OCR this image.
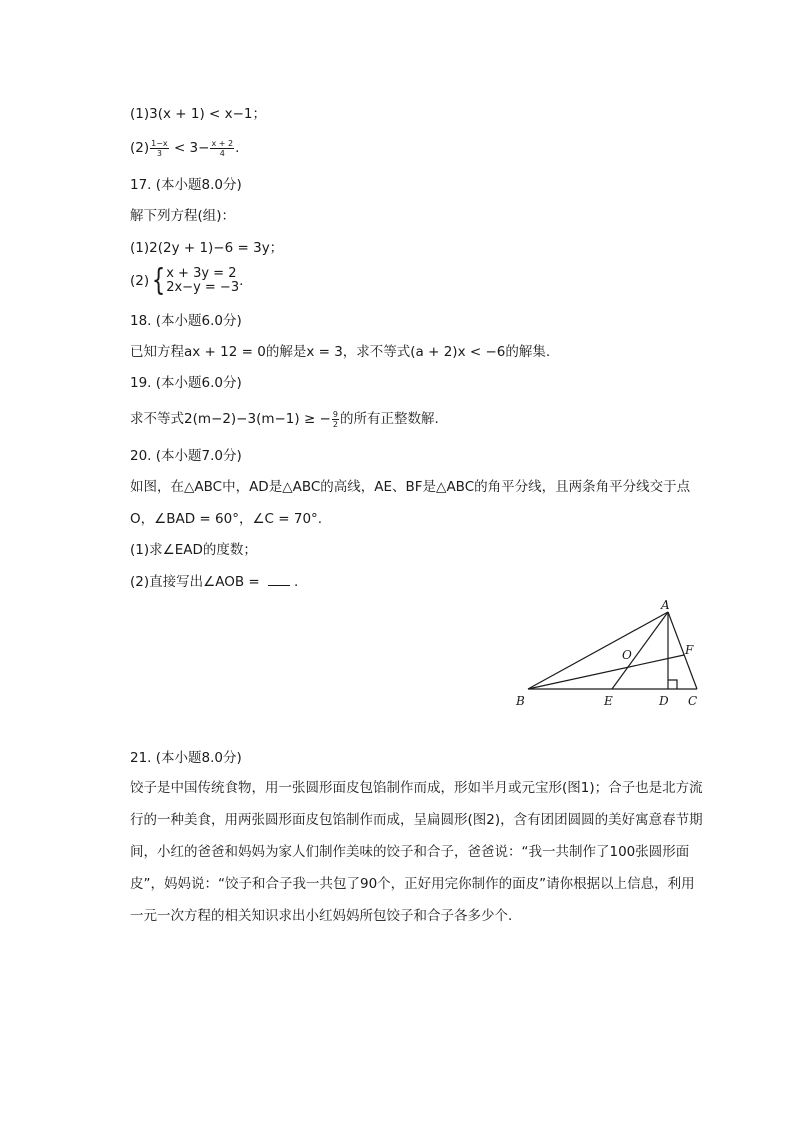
(1)3(x + 1) < x−1；
$(2) \frac{1-x}{3} < 3- \frac{x + 2}{4}$ .
17. (本小题8.0分)
解下列方程(组)：
(1)2(2y + 1)−6 = 3y；
(2){ x + 3y = 2
2x−y = −3 .
18. (本小题6.0分)
已知方程ax + 12 = 0的解是x = 3，求不等式(a + 2)x < −6的解集.
19. (本小题6.0分)
求不等式2(m−2)−3(m−1) ≥ − $\frac{9}{2}$ 的所有正整数解.
20. (本小题7.0分)
如图，在△ABC中，AD是△ABC的高线，AE、BF是△ABC的角平分线，且两条角平分线交于点O，∠BAD = 60°，∠C = 70°.
(1)求∠EAD的度数；
(2)直接写出∠AOB = .
A
B	C
D
E
F
O
21. (本小题8.0分)
饺子是中国传统食物，用一张圆形面皮包馅制作而成，形如半月或元宝形(图1)；合子也是北方流行的一种美食，用两张圆形面皮包馅制作而成，呈扁圆形(图2)，含有团团圆圆的美好寓意春节期间，小红的爸爸和妈妈为家人们制作美味的饺子和合子，爸爸说：“我一共制作了100张圆形面皮”，妈妈说：“饺子和合子我一共包了90个，正好用完你制作的面皮”请你根据以上信息，利用一元一次方程的相关知识求出小红妈妈所包饺子和合子各多少个.
